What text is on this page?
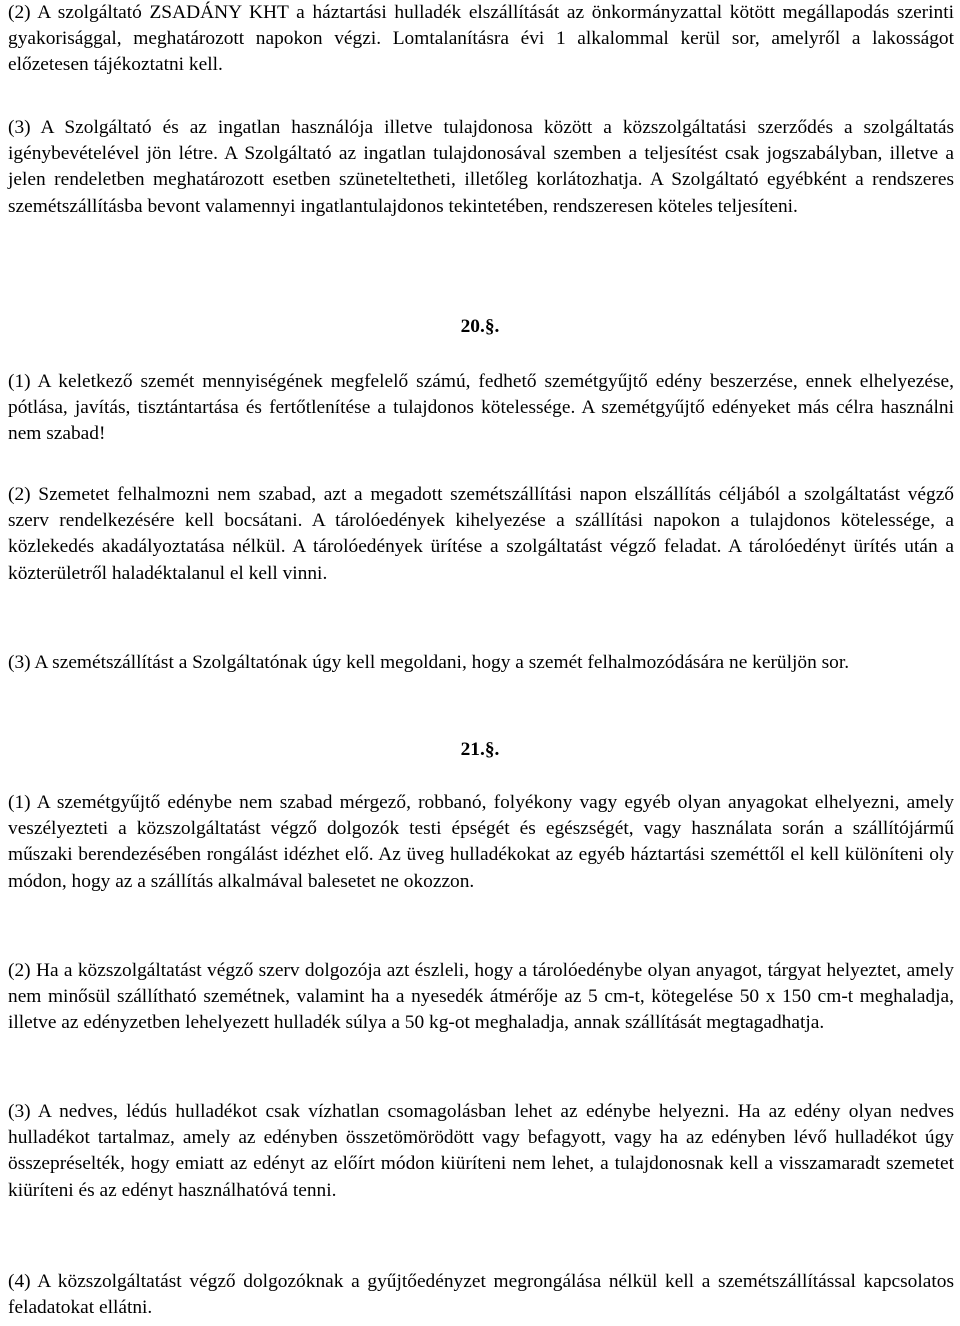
(2) A szolgáltató ZSADÁNY KHT a háztartási hulladék elszállítását az önkormányzattal kötött megállapodás szerinti gyakorisággal, meghatározott napokon végzi. Lomtalanításra évi 1 alkalommal kerül sor, amelyről a lakosságot előzetesen tájékoztatni kell.

(3) A Szolgáltató és az ingatlan használója illetve tulajdonosa között a közszolgáltatási szerződés a szolgáltatás igénybevételével jön létre. A Szolgáltató az ingatlan tulajdonosával szemben a teljesítést csak jogszabályban, illetve a jelen rendeletben meghatározott esetben szüneteltetheti, illetőleg korlátozhatja. A Szolgáltató egyébként a rendszeres szemétszállításba bevont valamennyi ingatlantulajdonos tekintetében, rendszeresen köteles teljesíteni.

20.§.

(1) A keletkező szemét mennyiségének megfelelő számú, fedhető szemétgyűjtő edény beszerzése, ennek elhelyezése, pótlása, javítás, tisztántartása és fertőtlenítése a tulajdonos kötelessége. A szemétgyűjtő edényeket más célra használni nem szabad!

(2) Szemetet felhalmozni nem szabad, azt a megadott szemétszállítási napon elszállítás céljából a szolgáltatást végző szerv rendelkezésére kell bocsátani. A tárolóedények kihelyezése a szállítási napokon a tulajdonos kötelessége, a közlekedés akadályoztatása nélkül. A tárolóedények ürítése a szolgáltatást végző feladat. A tárolóedényt ürítés után a közterületről haladéktalanul el kell vinni.

(3) A szemétszállítást a Szolgáltatónak úgy kell megoldani, hogy a szemét felhalmozódására ne kerüljön sor.

21.§.

(1) A szemétgyűjtő edénybe nem szabad mérgező, robbanó, folyékony vagy egyéb olyan anyagokat elhelyezni, amely veszélyezteti a közszolgáltatást végző dolgozók testi épségét és egészségét, vagy használata során a szállítójármű műszaki berendezésében rongálást idézhet elő. Az üveg hulladékokat az egyéb háztartási szeméttől el kell különíteni oly módon, hogy az a szállítás alkalmával balesetet ne okozzon.

(2) Ha a közszolgáltatást végző szerv dolgozója azt észleli, hogy a tárolóedénybe olyan anyagot, tárgyat helyeztet, amely nem minősül szállítható szemétnek, valamint ha a nyesedék átmérője az 5 cm-t, kötegelése 50 x 150 cm-t meghaladja, illetve az edényzetben lehelyezett hulladék súlya a 50 kg-ot meghaladja, annak szállítását megtagadhatja.

(3) A nedves, lédús hulladékot csak vízhatlan csomagolásban lehet az edénybe helyezni. Ha az edény olyan nedves hulladékot tartalmaz, amely az edényben összetömörödött vagy befagyott, vagy ha az edényben lévő hulladékot úgy összepréselték, hogy emiatt az edényt az előírt módon kiüríteni nem lehet, a tulajdonosnak kell a visszamaradt szemetet kiüríteni és az edényt használhatóvá tenni.

(4) A közszolgáltatást végző dolgozóknak a gyűjtőedényzet megrongálása nélkül kell a szemétszállítással kapcsolatos feladatokat ellátni.
